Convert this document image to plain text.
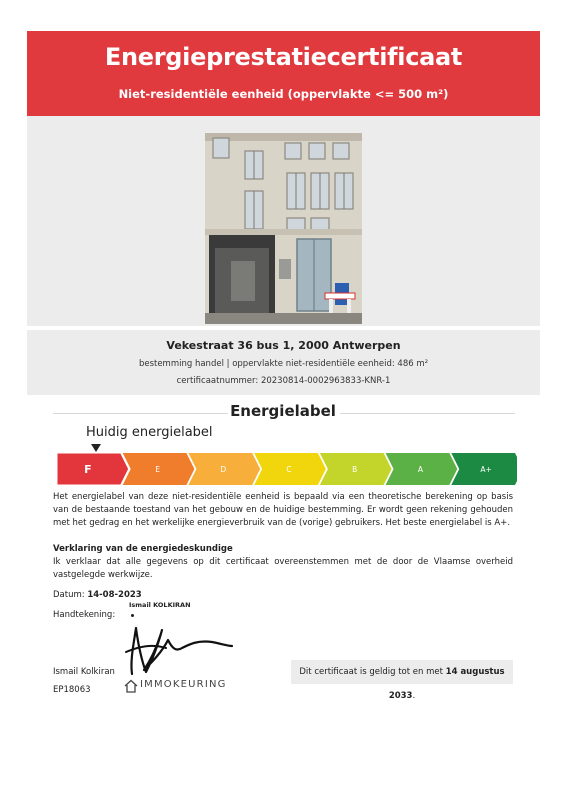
Energieprestatiecertificaat
Niet-residentiële eenheid (oppervlakte <= 500 m²)
Vekestraat 36 bus 1, 2000 Antwerpen
bestemming handel | oppervlakte niet-residentiële eenheid: 486 m²
certificaatnummer: 20230814-0002963833-KNR-1
Energielabel
Huidig energielabel
F	E	D	C	B	A	A+
Het energielabel van deze niet-residentiële eenheid is bepaald via een theoretische berekening op basis van de bestaande toestand van het gebouw en de huidige bestemming. Er wordt geen rekening gehouden met het gedrag en het werkelijke energieverbruik van de (vorige) gebruikers. Het beste energielabel is A+.
Verklaring van de energiedeskundige
Ik verklaar dat alle gegevens op dit certificaat overeenstemmen met de door de Vlaamse overheid vastgelegde werkwijze.
Datum: 14-08-2023
Handtekening:
Ismail KOLKIRAN
IMMOKEURING
Ismail Kolkiran
EP18063
Dit certificaat is geldig tot en met 14 augustus 2033.
